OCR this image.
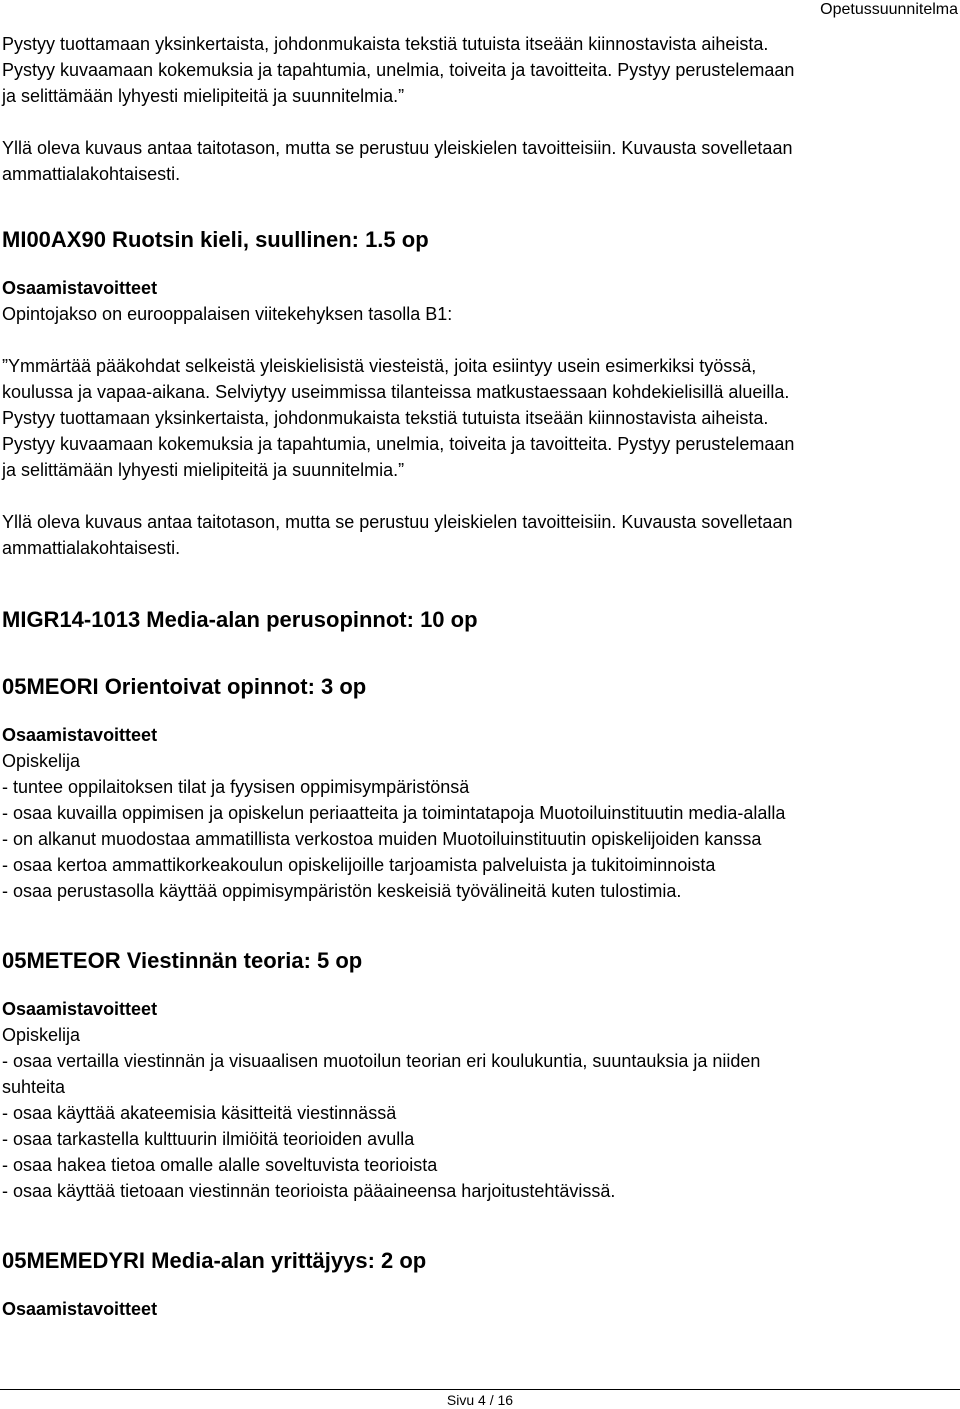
Opetussuunnitelma

Pystyy tuottamaan yksinkertaista, johdonmukaista tekstiä tutuista itseään kiinnostavista aiheista.

Pystyy kuvaamaan kokemuksia ja tapahtumia, unelmia, toiveita ja tavoitteita. Pystyy perustelemaan

ja selittämään lyhyesti mielipiteitä ja suunnitelmia.”

Yllä oleva kuvaus antaa taitotason, mutta se perustuu yleiskielen tavoitteisiin. Kuvausta sovelletaan

ammattialakohtaisesti.

MI00AX90 Ruotsin kieli, suullinen: 1.5 op

Osaamistavoitteet

Opintojakso on eurooppalaisen viitekehyksen tasolla B1:

”Ymmärtää pääkohdat selkeistä yleiskielisistä viesteistä, joita esiintyy usein esimerkiksi työssä,

koulussa ja vapaa-aikana. Selviytyy useimmissa tilanteissa matkustaessaan kohdekielisillä alueilla.

Pystyy tuottamaan yksinkertaista, johdonmukaista tekstiä tutuista itseään kiinnostavista aiheista.

Pystyy kuvaamaan kokemuksia ja tapahtumia, unelmia, toiveita ja tavoitteita. Pystyy perustelemaan

ja selittämään lyhyesti mielipiteitä ja suunnitelmia.”

Yllä oleva kuvaus antaa taitotason, mutta se perustuu yleiskielen tavoitteisiin. Kuvausta sovelletaan

ammattialakohtaisesti.

MIGR14-1013 Media-alan perusopinnot: 10 op
05MEORI Orientoivat opinnot: 3 op

Osaamistavoitteet

Opiskelija

- tuntee oppilaitoksen tilat ja fyysisen oppimisympäristönsä

- osaa kuvailla oppimisen ja opiskelun periaatteita ja toimintatapoja Muotoiluinstituutin media-alalla

- on alkanut muodostaa ammatillista verkostoa muiden Muotoiluinstituutin opiskelijoiden kanssa

- osaa kertoa ammattikorkeakoulun opiskelijoille tarjoamista palveluista ja tukitoiminnoista

- osaa perustasolla käyttää oppimisympäristön keskeisiä työvälineitä kuten tulostimia.

05METEOR Viestinnän teoria: 5 op

Osaamistavoitteet

Opiskelija

- osaa vertailla viestinnän ja visuaalisen muotoilun teorian eri koulukuntia, suuntauksia ja niiden

suhteita

- osaa käyttää akateemisia käsitteitä viestinnässä

- osaa tarkastella kulttuurin ilmiöitä teorioiden avulla

- osaa hakea tietoa omalle alalle soveltuvista teorioista

- osaa käyttää tietoaan viestinnän teorioista pääaineensa harjoitustehtävissä.

05MEMEDYRI Media-alan yrittäjyys: 2 op

Osaamistavoitteet

Sivu 4 / 16
